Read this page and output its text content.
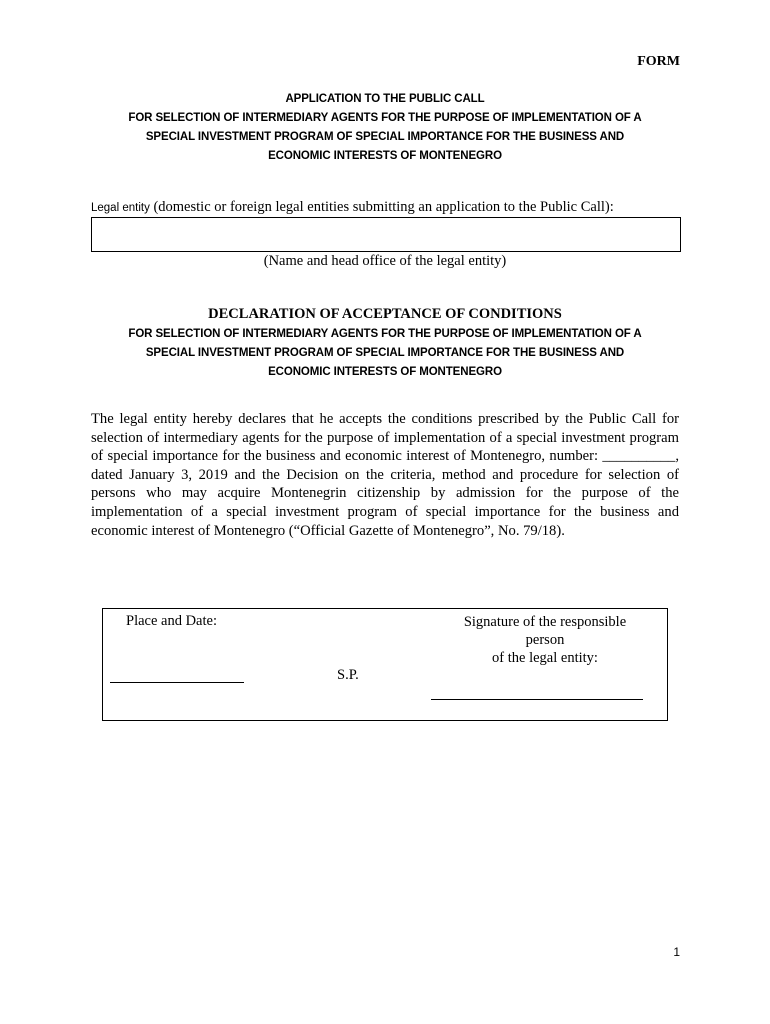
FORM
APPLICATION TO THE PUBLIC CALL
FOR SELECTION OF INTERMEDIARY AGENTS FOR THE PURPOSE OF IMPLEMENTATION OF A
SPECIAL INVESTMENT PROGRAM OF SPECIAL IMPORTANCE FOR THE BUSINESS AND
ECONOMIC INTERESTS OF MONTENEGRO
Legal entity (domestic or foreign legal entities submitting an application to the Public Call):
(Name and head office of the legal entity)
DECLARATION OF ACCEPTANCE OF CONDITIONS
FOR SELECTION OF INTERMEDIARY AGENTS FOR THE PURPOSE OF IMPLEMENTATION OF A
SPECIAL INVESTMENT PROGRAM OF SPECIAL IMPORTANCE FOR THE BUSINESS AND
ECONOMIC INTERESTS OF MONTENEGRO
The legal entity hereby declares that he accepts the conditions prescribed by the Public Call for selection of intermediary agents for the purpose of implementation of a special investment program of special importance for the business and economic interest of Montenegro, number: __________, dated January 3, 2019 and the Decision on the criteria, method and procedure for selection of persons who may acquire Montenegrin citizenship by admission for the purpose of the implementation of a special investment program of special importance for the business and economic interest of Montenegro (“Official Gazette of Montenegro”, No. 79/18).
Place and Date:
S.P.
Signature of the responsible
person
of the legal entity:
1
